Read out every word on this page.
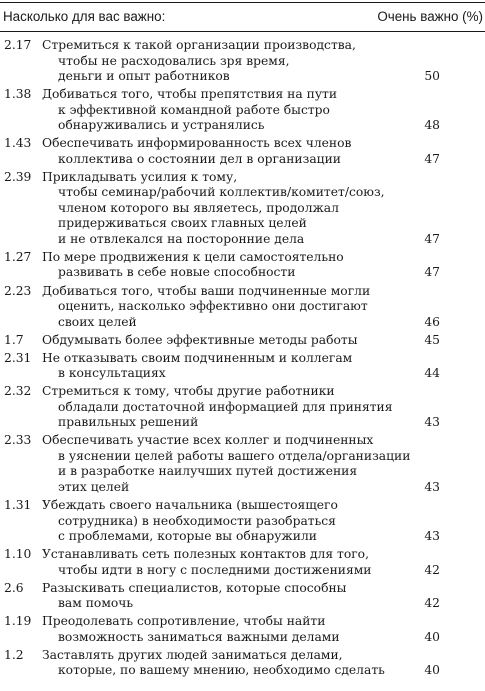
Насколько для вас важно:	Очень важно (%)
2.17 Стремиться к такой организации производства,
чтобы не расходовались зря время,
деньги и опыт работников	50
1.38 Добиваться того, чтобы препятствия на пути
к эффективной командной работе быстро
обнаруживались и устранялись	48
1.43 Обеспечивать информированность всех членов
коллектива о состоянии дел в организации	47
2.39 Прикладывать усилия к тому,
чтобы семинар/рабочий коллектив/комитет/союз,
членом которого вы являетесь, продолжал
придерживаться своих главных целей
и не отвлекался на посторонние дела	47
1.27 По мере продвижения к цели самостоятельно
развивать в себе новые способности	47
2.23 Добиваться того, чтобы ваши подчиненные могли
оценить, насколько эффективно они достигают
своих целей	46
1.7 Обдумывать более эффективные методы работы	45
2.31 Не отказывать своим подчиненным и коллегам
в консультациях	44
2.32 Стремиться к тому, чтобы другие работники
обладали достаточной информацией для принятия
правильных решений	43
2.33 Обеспечивать участие всех коллег и подчиненных
в уяснении целей работы вашего отдела/организации
и в разработке наилучших путей достижения
этих целей	43
1.31 Убеждать своего начальника (вышестоящего
сотрудника) в необходимости разобраться
с проблемами, которые вы обнаружили	43
1.10 Устанавливать сеть полезных контактов для того,
чтобы идти в ногу с последними достижениями	42
2.6 Разыскивать специалистов, которые способны
вам помочь	42
1.19 Преодолевать сопротивление, чтобы найти
возможность заниматься важными делами	40
1.2 Заставлять других людей заниматься делами,
которые, по вашему мнению, необходимо сделать	40
